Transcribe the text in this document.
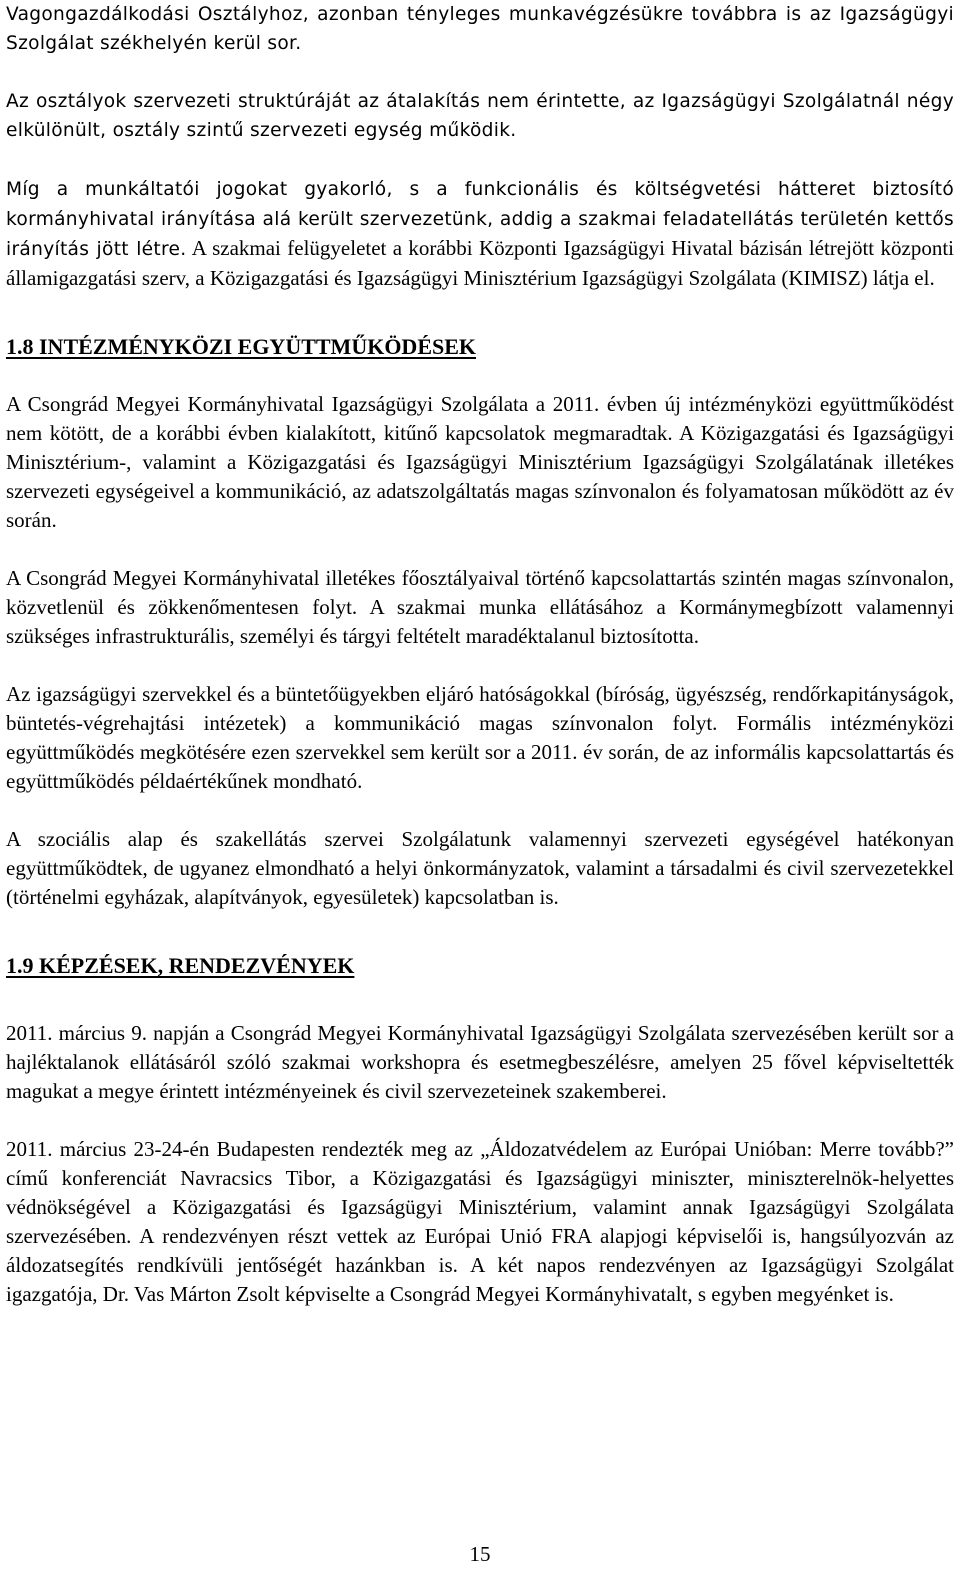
Vagongazdálkodási Osztályhoz, azonban tényleges munkavégzésükre továbbra is az Igazságügyi Szolgálat székhelyén kerül sor.

Az osztályok szervezeti struktúráját az átalakítás nem érintette, az Igazságügyi Szolgálatnál négy elkülönült, osztály szintű szervezeti egység működik.

Míg a munkáltatói jogokat gyakorló, s a funkcionális és költségvetési hátteret biztosító kormányhivatal irányítása alá került szervezetünk, addig a szakmai feladatellátás területén kettős irányítás jött létre. A szakmai felügyeletet a korábbi Központi Igazságügyi Hivatal bázisán létrejött központi államigazgatási szerv, a Közigazgatási és Igazságügyi Minisztérium Igazságügyi Szolgálata (KIMISZ) látja el.

1.8 INTÉZMÉNYKÖZI EGYÜTTMŰKÖDÉSEK

A Csongrád Megyei Kormányhivatal Igazságügyi Szolgálata a 2011. évben új intézményközi együttműködést nem kötött, de a korábbi évben kialakított, kitűnő kapcsolatok megmaradtak. A Közigazgatási és Igazságügyi Minisztérium-, valamint a Közigazgatási és Igazságügyi Minisztérium Igazságügyi Szolgálatának illetékes szervezeti egységeivel a kommunikáció, az adatszolgáltatás magas színvonalon és folyamatosan működött az év során.

A Csongrád Megyei Kormányhivatal illetékes főosztályaival történő kapcsolattartás szintén magas színvonalon, közvetlenül és zökkenőmentesen folyt. A szakmai munka ellátásához a Kormánymegbízott valamennyi szükséges infrastrukturális, személyi és tárgyi feltételt maradéktalanul biztosította.

Az igazságügyi szervekkel és a büntetőügyekben eljáró hatóságokkal (bíróság, ügyészség, rendőrkapitányságok, büntetés-végrehajtási intézetek) a kommunikáció magas színvonalon folyt. Formális intézményközi együttműködés megkötésére ezen szervekkel sem került sor a 2011. év során, de az informális kapcsolattartás és együttműködés példaértékűnek mondható.

A szociális alap és szakellátás szervei Szolgálatunk valamennyi szervezeti egységével hatékonyan együttműködtek, de ugyanez elmondható a helyi önkormányzatok, valamint a társadalmi és civil szervezetekkel (történelmi egyházak, alapítványok, egyesületek) kapcsolatban is.

1.9 KÉPZÉSEK, RENDEZVÉNYEK

2011. március 9. napján a Csongrád Megyei Kormányhivatal Igazságügyi Szolgálata szervezésében került sor a hajléktalanok ellátásáról szóló szakmai workshopra és esetmegbeszélésre, amelyen 25 fővel képviseltették magukat a megye érintett intézményeinek és civil szervezeteinek szakemberei.

2011. március 23-24-én Budapesten rendezték meg az „Áldozatvédelem az Európai Unióban: Merre tovább?” című konferenciát Navracsics Tibor, a Közigazgatási és Igazságügyi miniszter, miniszterelnök-helyettes védnökségével a Közigazgatási és Igazságügyi Minisztérium, valamint annak Igazságügyi Szolgálata szervezésében. A rendezvényen részt vettek az Európai Unió FRA alapjogi képviselői is, hangsúlyozván az áldozatsegítés rendkívüli jentőségét hazánkban is. A két napos rendezvényen az Igazságügyi Szolgálat igazgatója, Dr. Vas Márton Zsolt képviselte a Csongrád Megyei Kormányhivatalt, s egyben megyénket is.

15
